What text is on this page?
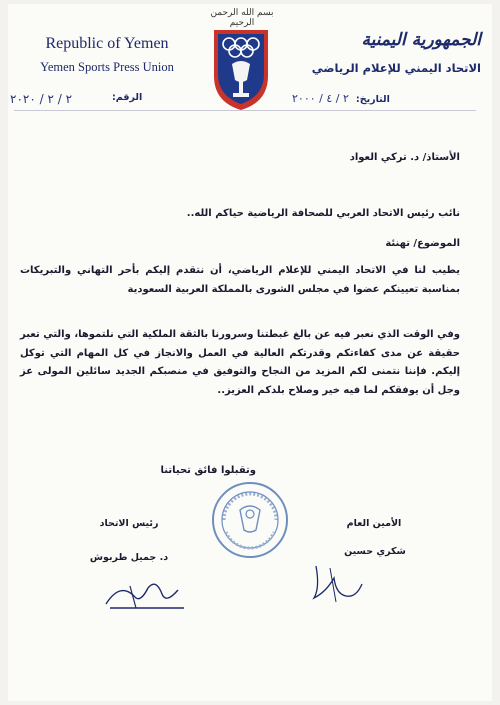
بسم الله الرحمن الرحيم
Republic of Yemen
Yemen Sports Press Union
الجمهورية اليمنية
الاتحاد اليمني للإعلام الرياضي
الرقم:
٢ / ٢ / ٢٠٢٠	التاريخ: ٢ / ٤ / ٢٠٠٠
الأستاذ/ د. تركي العواد
نائب رئيس الاتحاد العربي للصحافة الرياضية حياكم الله..
الموضوع/ تهنئة
يطيب لنا في الاتحاد اليمني للإعلام الرياضي، أن نتقدم إليكم بأحر التهاني والتبريكات بمناسبة تعيينكم عضوا في مجلس الشورى بالمملكة العربية السعودية
وفي الوقت الذي نعبر فيه عن بالغ غبطتنا وسرورنا بالثقة الملكية التي نلتموها، والتي تعبر حقيقة عن مدى كفاءتكم وقدرتكم العالية في العمل والانجاز في كل المهام التي توكل إليكم. فإننا نتمنى لكم المزيد من النجاح والتوفيق في منصبكم الجديد سائلين المولى عز وجل أن يوفقكم لما فيه خير وصلاح بلدكم العزيز..
وتقبلوا فائق تحياتنا
رئيس الاتحاد
د. جميل طربوش
الأمين العام
شكري حسين
